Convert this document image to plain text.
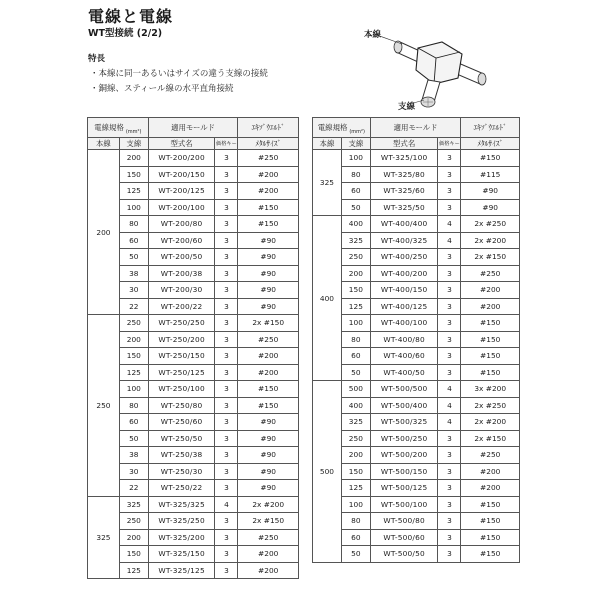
電線と電線
WT型接続 (2/2)
特長
・本線に同一あるいはサイズの違う支線の接続
・銅線、スティール線の水平直角接続
本線
支線
電線規格 $_{(mm^2)}$		適用モールド		ｴｷｿﾞｳｴﾙﾄﾞ
本線	支線	型式名	価格キー	ﾒﾀﾙｻｲｽﾞ
200	200	WT-200/200	3	#250
	150	WT-200/150	3	#200
	125	WT-200/125	3	#200
	100	WT-200/100	3	#150
	80	WT-200/80	3	#150
	60	WT-200/60	3	#90
	50	WT-200/50	3	#90
	38	WT-200/38	3	#90
	30	WT-200/30	3	#90
	22	WT-200/22	3	#90
250	250	WT-250/250	3	2x #150
	200	WT-250/200	3	#250
	150	WT-250/150	3	#200
	125	WT-250/125	3	#200
	100	WT-250/100	3	#150
	80	WT-250/80	3	#150
	60	WT-250/60	3	#90
	50	WT-250/50	3	#90
	38	WT-250/38	3	#90
	30	WT-250/30	3	#90
	22	WT-250/22	3	#90
325	325	WT-325/325	4	2x #200
	250	WT-325/250	3	2x #150
	200	WT-325/200	3	#250
	150	WT-325/150	3	#200
	125	WT-325/125	3	#200
電線規格 $_{(mm^2)}$		適用モールド		ｴｷｿﾞｳｴﾙﾄﾞ
本線	支線	型式名	価格キー	ﾒﾀﾙｻｲｽﾞ
325	100	WT-325/100	3	#150
	80	WT-325/80	3	#115
	60	WT-325/60	3	#90
	50	WT-325/50	3	#90
400	400	WT-400/400	4	2x #250
	325	WT-400/325	4	2x #200
	250	WT-400/250	3	2x #150
	200	WT-400/200	3	#250
	150	WT-400/150	3	#200
	125	WT-400/125	3	#200
	100	WT-400/100	3	#150
	80	WT-400/80	3	#150
	60	WT-400/60	3	#150
	50	WT-400/50	3	#150
500	500	WT-500/500	4	3x #200
	400	WT-500/400	4	2x #250
	325	WT-500/325	4	2x #200
	250	WT-500/250	3	2x #150
	200	WT-500/200	3	#250
	150	WT-500/150	3	#200
	125	WT-500/125	3	#200
	100	WT-500/100	3	#150
	80	WT-500/80	3	#150
	60	WT-500/60	3	#150
	50	WT-500/50	3	#150
